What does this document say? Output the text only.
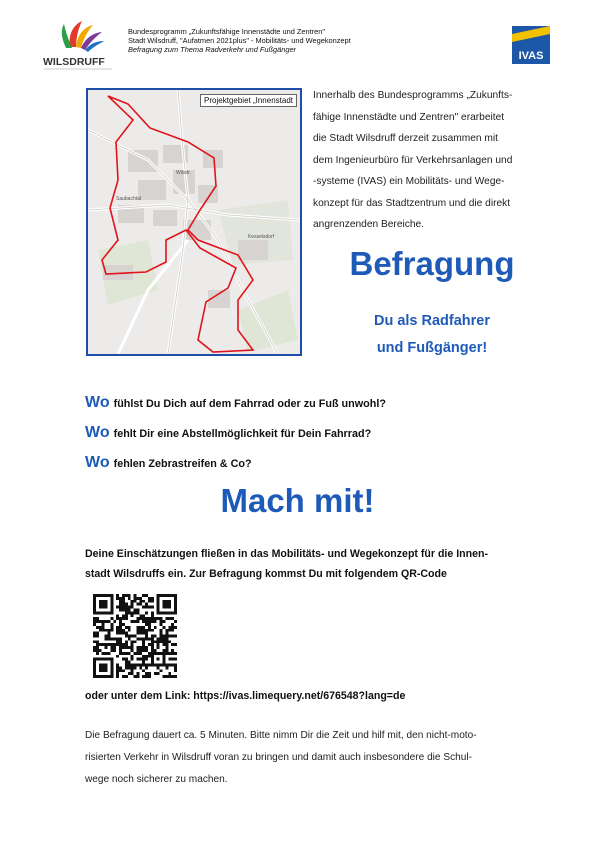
WILSDRUFF
Bundesprogramm „Zukunftsfähige Innenstädte und Zentren"
Stadt Wilsdruff, "Aufatmen 2021plus" - Mobilitäts- und Wegekonzept
Befragung zum Thema Radverkehr und Fußgänger
IVAS
Wilsdr.
Saubachtal
Kesselsdorf
Projektgebiet „Innenstadt	Innerhalb des Bundesprogramms „Zukunfts-
fähige Innenstädte und Zentren" erarbeitet
die Stadt Wilsdruff derzeit zusammen mit
dem Ingenieurbüro für Verkehrsanlagen und
-systeme (IVAS) ein Mobilitäts- und Wege-
konzept für das Stadtzentrum und die direkt
angrenzenden Bereiche.
Befragung
Du als Radfahrer
und Fußgänger!
Wo fühlst Du Dich auf dem Fahrrad oder zu Fuß unwohl?
Wo fehlt Dir eine Abstellmöglichkeit für Dein Fahrrad?
Wo fehlen Zebrastreifen & Co?
Mach mit!
Deine Einschätzungen fließen in das Mobilitäts- und Wegekonzept für die Innen-
stadt Wilsdruffs ein. Zur Befragung kommst Du mit folgendem QR-Code
oder unter dem Link: https://ivas.limequery.net/676548?lang=de
Die Befragung dauert ca. 5 Minuten. Bitte nimm Dir die Zeit und hilf mit, den nicht-moto-
risierten Verkehr in Wilsdruff voran zu bringen und damit auch insbesondere die Schul-
wege noch sicherer zu machen.
